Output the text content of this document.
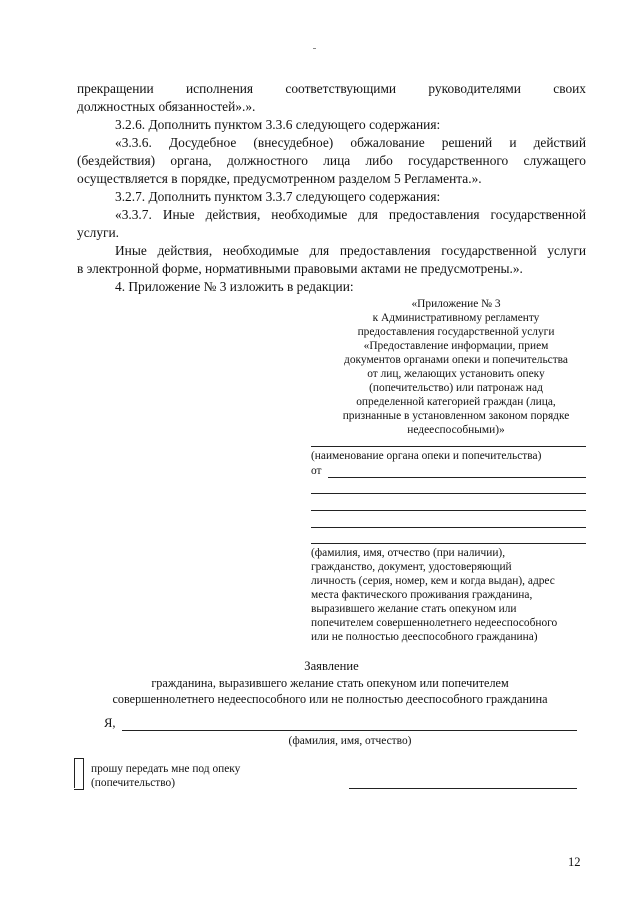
прекращении исполнения соответствующими руководителями своих

должностных обязанностей».».

3.2.6. Дополнить пунктом 3.3.6 следующего содержания:

«3.3.6. Досудебное (внесудебное) обжалование решений и действий

(бездействия) органа, должностного лица либо государственного служащего

осуществляется в порядке, предусмотренном разделом 5 Регламента.».

3.2.7. Дополнить пунктом 3.3.7 следующего содержания:

«3.3.7. Иные действия, необходимые для предоставления государственной

услуги.

Иные действия, необходимые для предоставления государственной услуги

в электронной форме, нормативными правовыми актами не предусмотрены.».

4. Приложение № 3 изложить в редакции:

«Приложение № 3
к Административному регламенту
предоставления государственной услуги
«Предоставление информации, прием
документов органами опеки и попечительства
от лиц, желающих установить опеку
(попечительство) или патронаж над
определенной категорией граждан (лица,
признанные в установленном законом порядке
недееспособными)»
(наименование органа опеки и попечительства)
от
(фамилия, имя, отчество (при наличии),
гражданство, документ, удостоверяющий
личность (серия, номер, кем и когда выдан), адрес
места фактического проживания гражданина,
выразившего желание стать опекуном или
попечителем совершеннолетнего недееспособного
или не полностью дееспособного гражданина)
Заявление
гражданина, выразившего желание стать опекуном или попечителем
совершеннолетнего недееспособного или не полностью дееспособного гражданина
Я,
(фамилия, имя, отчество)
прошу передать мне под опеку
(попечительство)
12
